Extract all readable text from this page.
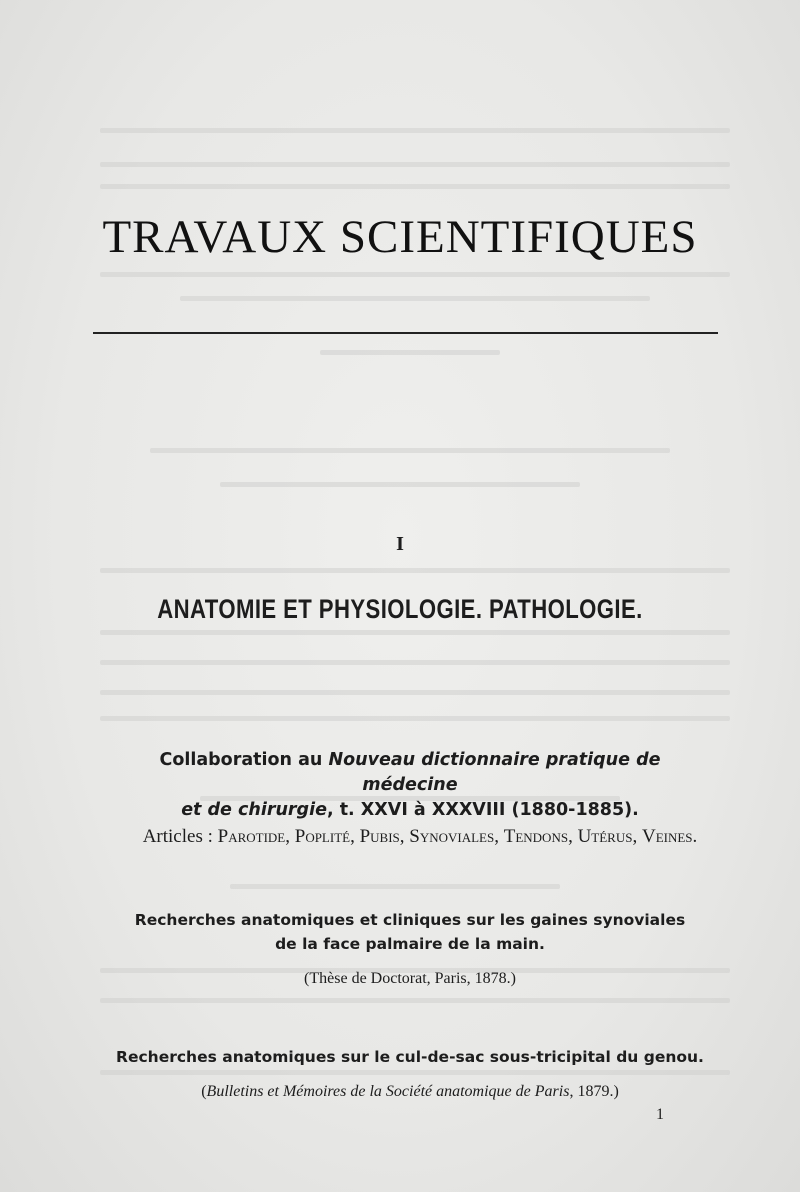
TRAVAUX SCIENTIFIQUES
I
ANATOMIE ET PHYSIOLOGIE. PATHOLOGIE.
Collaboration au Nouveau dictionnaire pratique de médecine
et de chirurgie, t. XXVI à XXXVIII (1880-1885).
Articles : Parotide, Poplité, Pubis, Synoviales, Tendons, Utérus, Veines.
Recherches anatomiques et cliniques sur les gaines synoviales
de la face palmaire de la main.
(Thèse de Doctorat, Paris, 1878.)
Recherches anatomiques sur le cul-de-sac sous-tricipital du genou.
(Bulletins et Mémoires de la Société anatomique de Paris, 1879.)
1
